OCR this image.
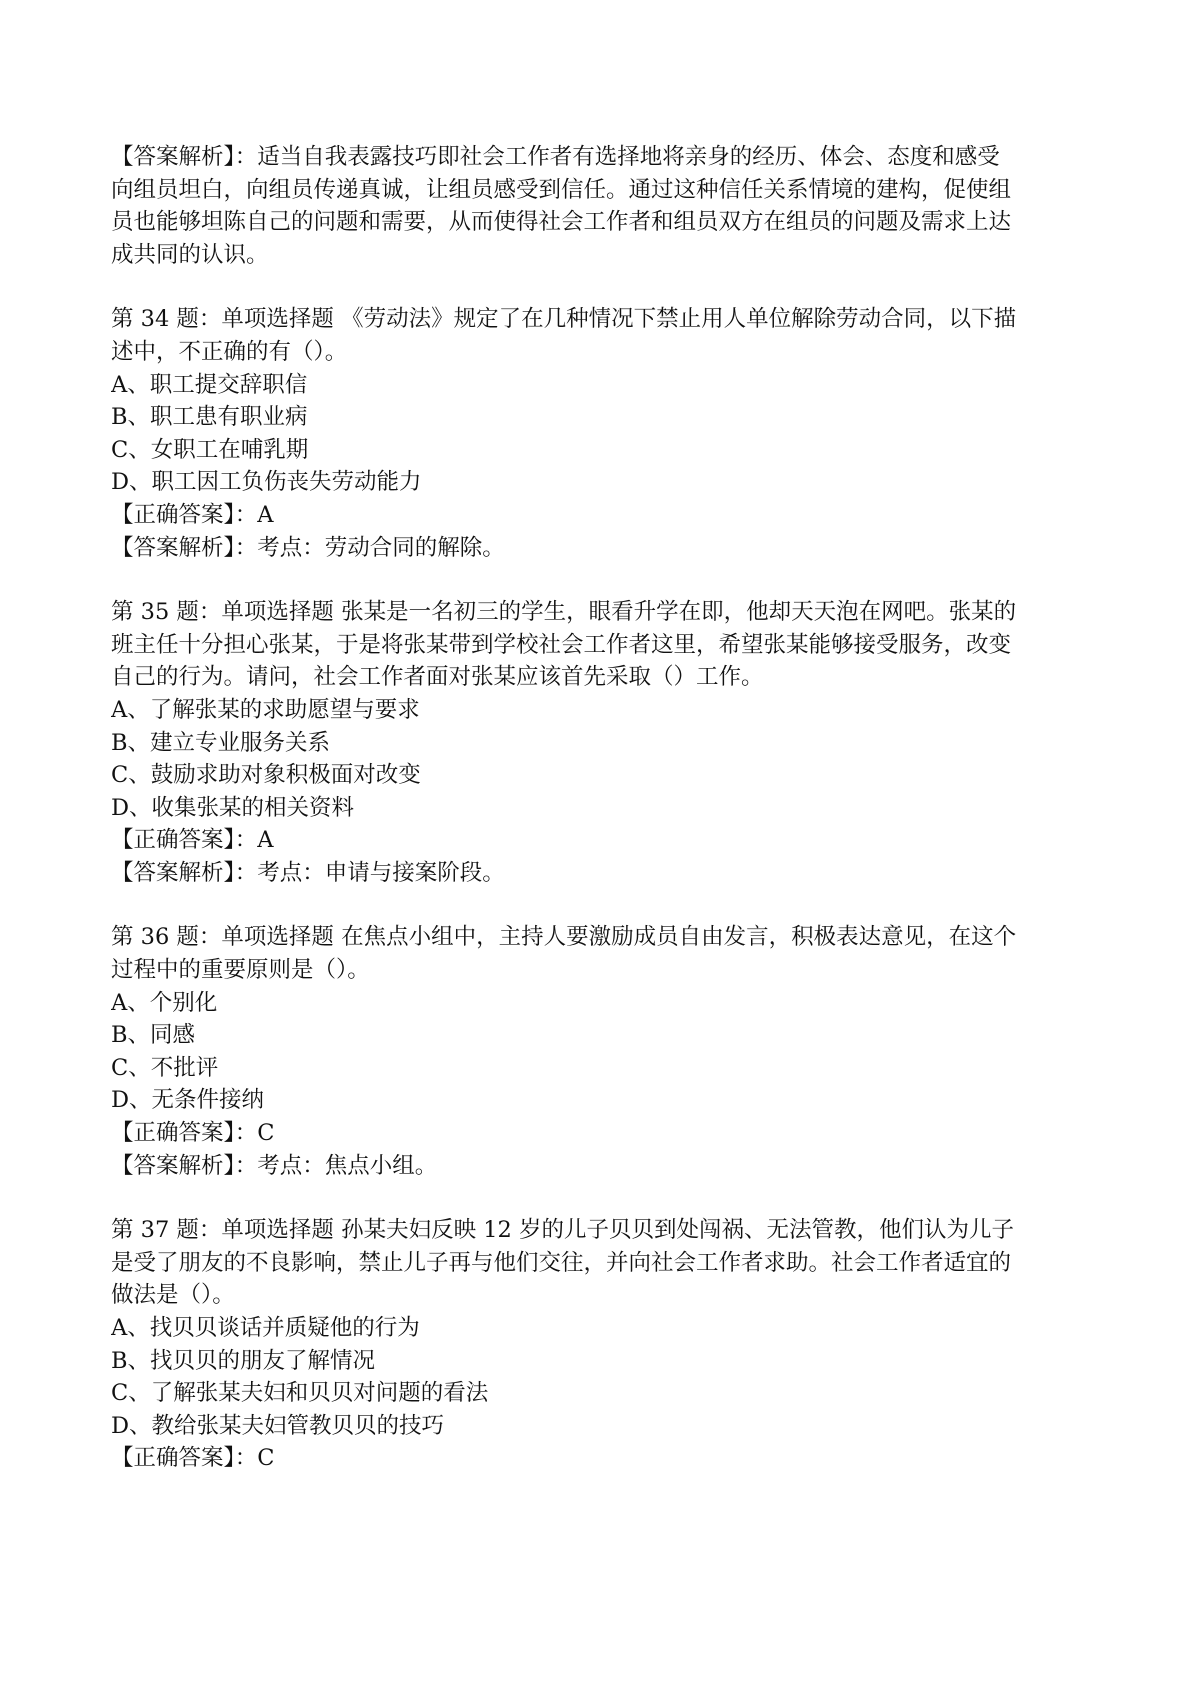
【答案解析】：适当自我表露技巧即社会工作者有选择地将亲身的经历、体会、态度和感受
向组员坦白，向组员传递真诚，让组员感受到信任。通过这种信任关系情境的建构，促使组
员也能够坦陈自己的问题和需要，从而使得社会工作者和组员双方在组员的问题及需求上达
成共同的认识。
第 34 题：单项选择题 《劳动法》规定了在几种情况下禁止用人单位解除劳动合同，以下描
述中，不正确的有（）。
A、职工提交辞职信
B、职工患有职业病
C、女职工在哺乳期
D、职工因工负伤丧失劳动能力
【正确答案】：A
【答案解析】：考点：劳动合同的解除。
第 35 题：单项选择题 张某是一名初三的学生，眼看升学在即，他却天天泡在网吧。张某的
班主任十分担心张某，于是将张某带到学校社会工作者这里，希望张某能够接受服务，改变
自己的行为。请问，社会工作者面对张某应该首先采取（）工作。
A、了解张某的求助愿望与要求
B、建立专业服务关系
C、鼓励求助对象积极面对改变
D、收集张某的相关资料
【正确答案】：A
【答案解析】：考点：申请与接案阶段。
第 36 题：单项选择题 在焦点小组中，主持人要激励成员自由发言，积极表达意见，在这个
过程中的重要原则是（）。
A、个别化
B、同感
C、不批评
D、无条件接纳
【正确答案】：C
【答案解析】：考点：焦点小组。
第 37 题：单项选择题 孙某夫妇反映 12 岁的儿子贝贝到处闯祸、无法管教，他们认为儿子
是受了朋友的不良影响，禁止儿子再与他们交往，并向社会工作者求助。社会工作者适宜的
做法是（）。
A、找贝贝谈话并质疑他的行为
B、找贝贝的朋友了解情况
C、了解张某夫妇和贝贝对问题的看法
D、教给张某夫妇管教贝贝的技巧
【正确答案】：C
